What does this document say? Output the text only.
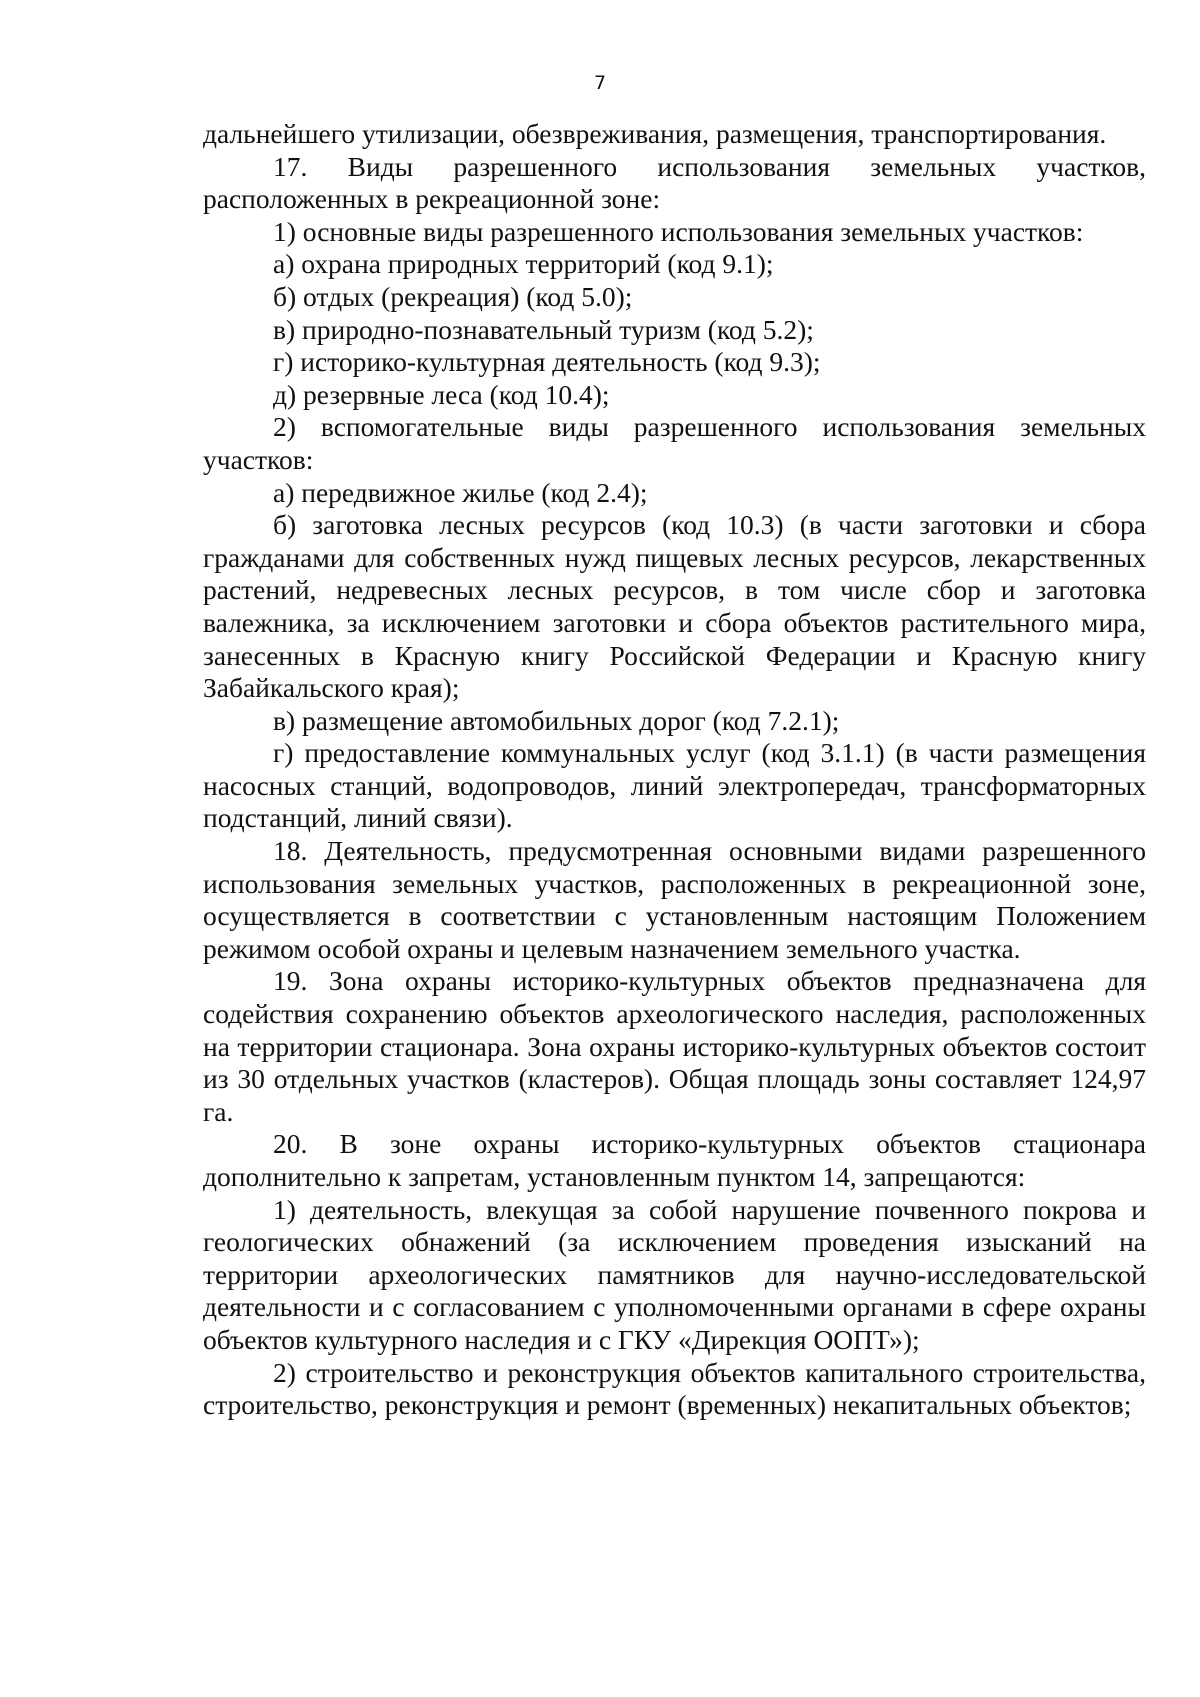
7

дальнейшего утилизации, обезвреживания, размещения, транспортирования.

17. Виды разрешенного использования земельных участков, расположенных в рекреационной зоне:

1) основные виды разрешенного использования земельных участков:

а) охрана природных территорий (код 9.1);

б) отдых (рекреация) (код 5.0);

в) природно-познавательный туризм (код 5.2);

г) историко-культурная деятельность (код 9.3);

д) резервные леса (код 10.4);

2) вспомогательные виды разрешенного использования земельных участков:

а) передвижное жилье (код 2.4);

б) заготовка лесных ресурсов (код 10.3) (в части заготовки и сбора гражданами для собственных нужд пищевых лесных ресурсов, лекарственных растений, недревесных лесных ресурсов, в том числе сбор и заготовка валежника, за исключением заготовки и сбора объектов растительного мира, занесенных в Красную книгу Российской Федерации и Красную книгу Забайкальского края);

в) размещение автомобильных дорог (код 7.2.1);

г) предоставление коммунальных услуг (код 3.1.1) (в части размещения насосных станций, водопроводов, линий электропередач, трансформаторных подстанций, линий связи).

18. Деятельность, предусмотренная основными видами разрешенного использования земельных участков, расположенных в рекреационной зоне, осуществляется в соответствии с установленным настоящим Положением режимом особой охраны и целевым назначением земельного участка.

19. Зона охраны историко-культурных объектов предназначена для содействия сохранению объектов археологического наследия, расположенных на территории стационара. Зона охраны историко-культурных объектов состоит из 30 отдельных участков (кластеров). Общая площадь зоны составляет 124,97 га.

20. В зоне охраны историко-культурных объектов стационара дополнительно к запретам, установленным пунктом 14, запрещаются:

1) деятельность, влекущая за собой нарушение почвенного покрова и геологических обнажений (за исключением проведения изысканий на территории археологических памятников для научно-исследовательской деятельности и с согласованием с уполномоченными органами в сфере охраны объектов культурного наследия и с ГКУ «Дирекция ООПТ»);

2) строительство и реконструкция объектов капитального строительства, строительство, реконструкция и ремонт (временных) некапитальных объектов;
